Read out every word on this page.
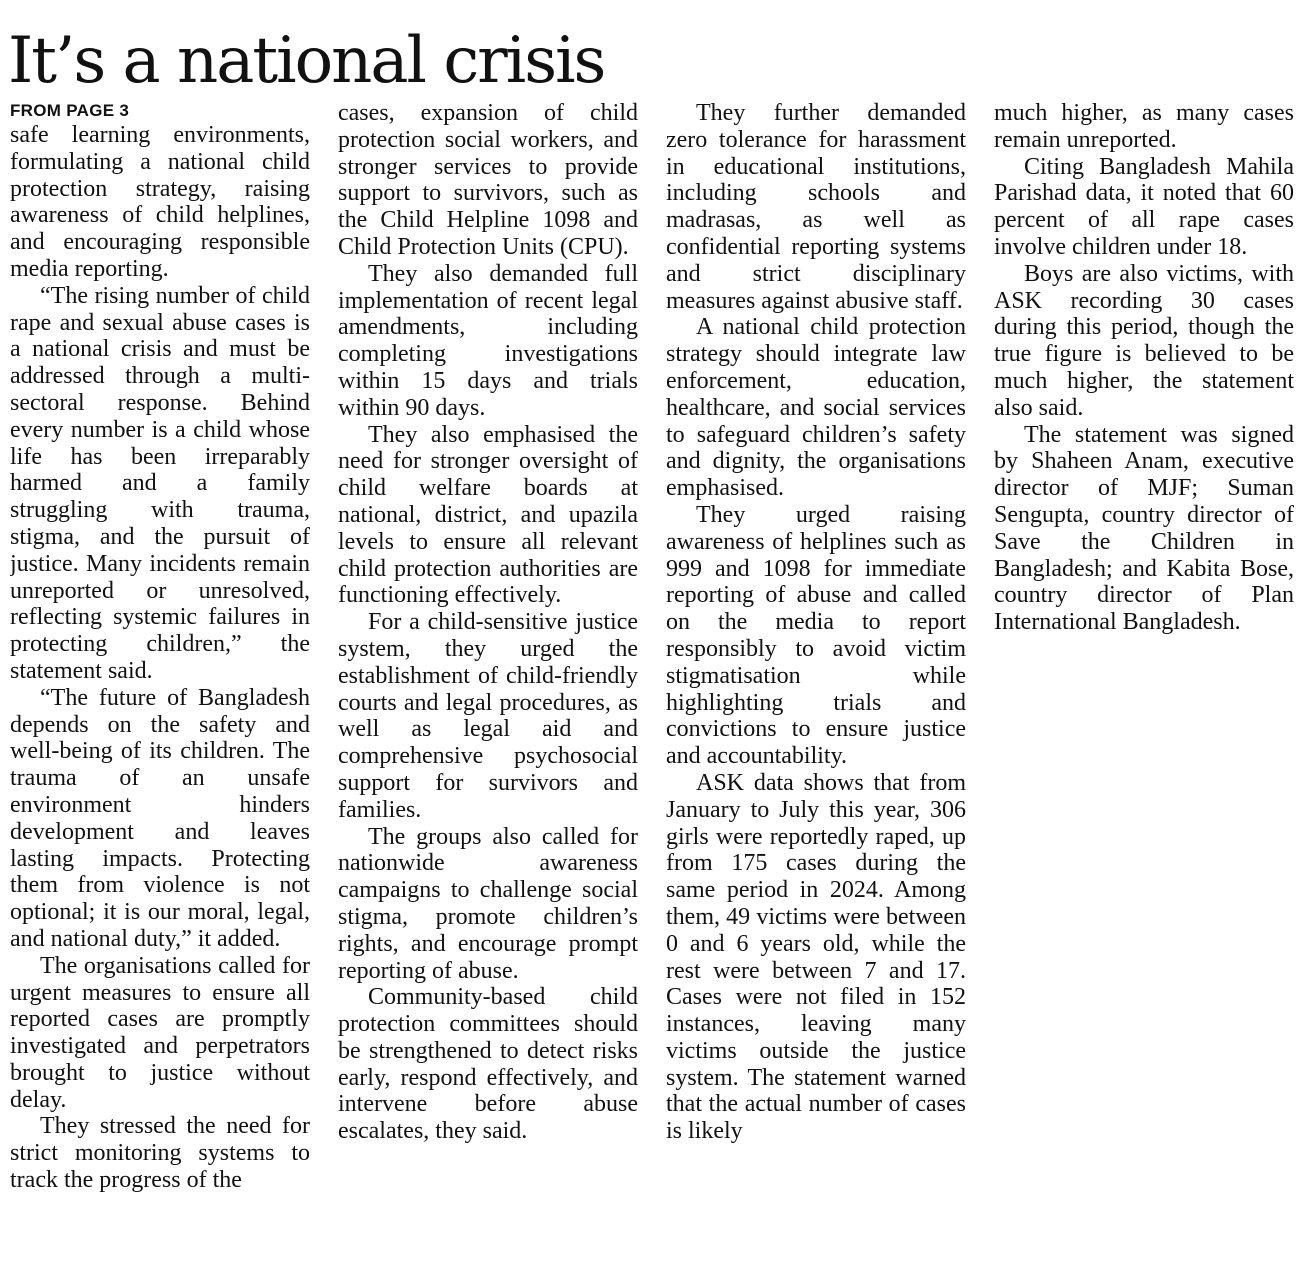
It’s a national crisis
FROM PAGE 3

safe learning environments, formulating a national child protection strategy, raising awareness of child helplines, and encouraging responsible media reporting.

“The rising number of child rape and sexual abuse cases is a national crisis and must be addressed through a multi-sectoral response. Behind every number is a child whose life has been irreparably harmed and a family struggling with trauma, stigma, and the pursuit of justice. Many incidents remain unreported or unresolved, reflecting systemic failures in protecting children,” the statement said.

“The future of Bangladesh depends on the safety and well-being of its children. The trauma of an unsafe environment hinders development and leaves lasting impacts. Protecting them from violence is not optional; it is our moral, legal, and national duty,” it added.

The organisations called for urgent measures to ensure all reported cases are promptly investigated and perpetrators brought to justice without delay.

They stressed the need for strict monitoring systems to track the progress of the

cases, expansion of child protection social workers, and stronger services to provide support to survivors, such as the Child Helpline 1098 and Child Protection Units (CPU).

They also demanded full implementation of recent legal amendments, including completing investigations within 15 days and trials within 90 days.

They also emphasised the need for stronger oversight of child welfare boards at national, district, and upazila levels to ensure all relevant child protection authorities are functioning effectively.

For a child-sensitive justice system, they urged the establishment of child-friendly courts and legal procedures, as well as legal aid and comprehensive psychosocial support for survivors and families.

The groups also called for nationwide awareness campaigns to challenge social stigma, promote children’s rights, and encourage prompt reporting of abuse.

Community-based child protection committees should be strengthened to detect risks early, respond effectively, and intervene before abuse escalates, they said.

They further demanded zero tolerance for harassment in educational institutions, including schools and madrasas, as well as confidential reporting systems and strict disciplinary measures against abusive staff.

A national child protection strategy should integrate law enforcement, education, healthcare, and social services to safeguard children’s safety and dignity, the organisations emphasised.

They urged raising awareness of helplines such as 999 and 1098 for immediate reporting of abuse and called on the media to report responsibly to avoid victim stigmatisation while highlighting trials and convictions to ensure justice and accountability.

ASK data shows that from January to July this year, 306 girls were reportedly raped, up from 175 cases during the same period in 2024. Among them, 49 victims were between 0 and 6 years old, while the rest were between 7 and 17. Cases were not filed in 152 instances, leaving many victims outside the justice system. The statement warned that the actual number of cases is likely

much higher, as many cases remain unreported.

Citing Bangladesh Mahila Parishad data, it noted that 60 percent of all rape cases involve children under 18.

Boys are also victims, with ASK recording 30 cases during this period, though the true figure is believed to be much higher, the statement also said.

The statement was signed by Shaheen Anam, executive director of MJF; Suman Sengupta, country director of Save the Children in Bangladesh; and Kabita Bose, country director of Plan International Bangladesh.
